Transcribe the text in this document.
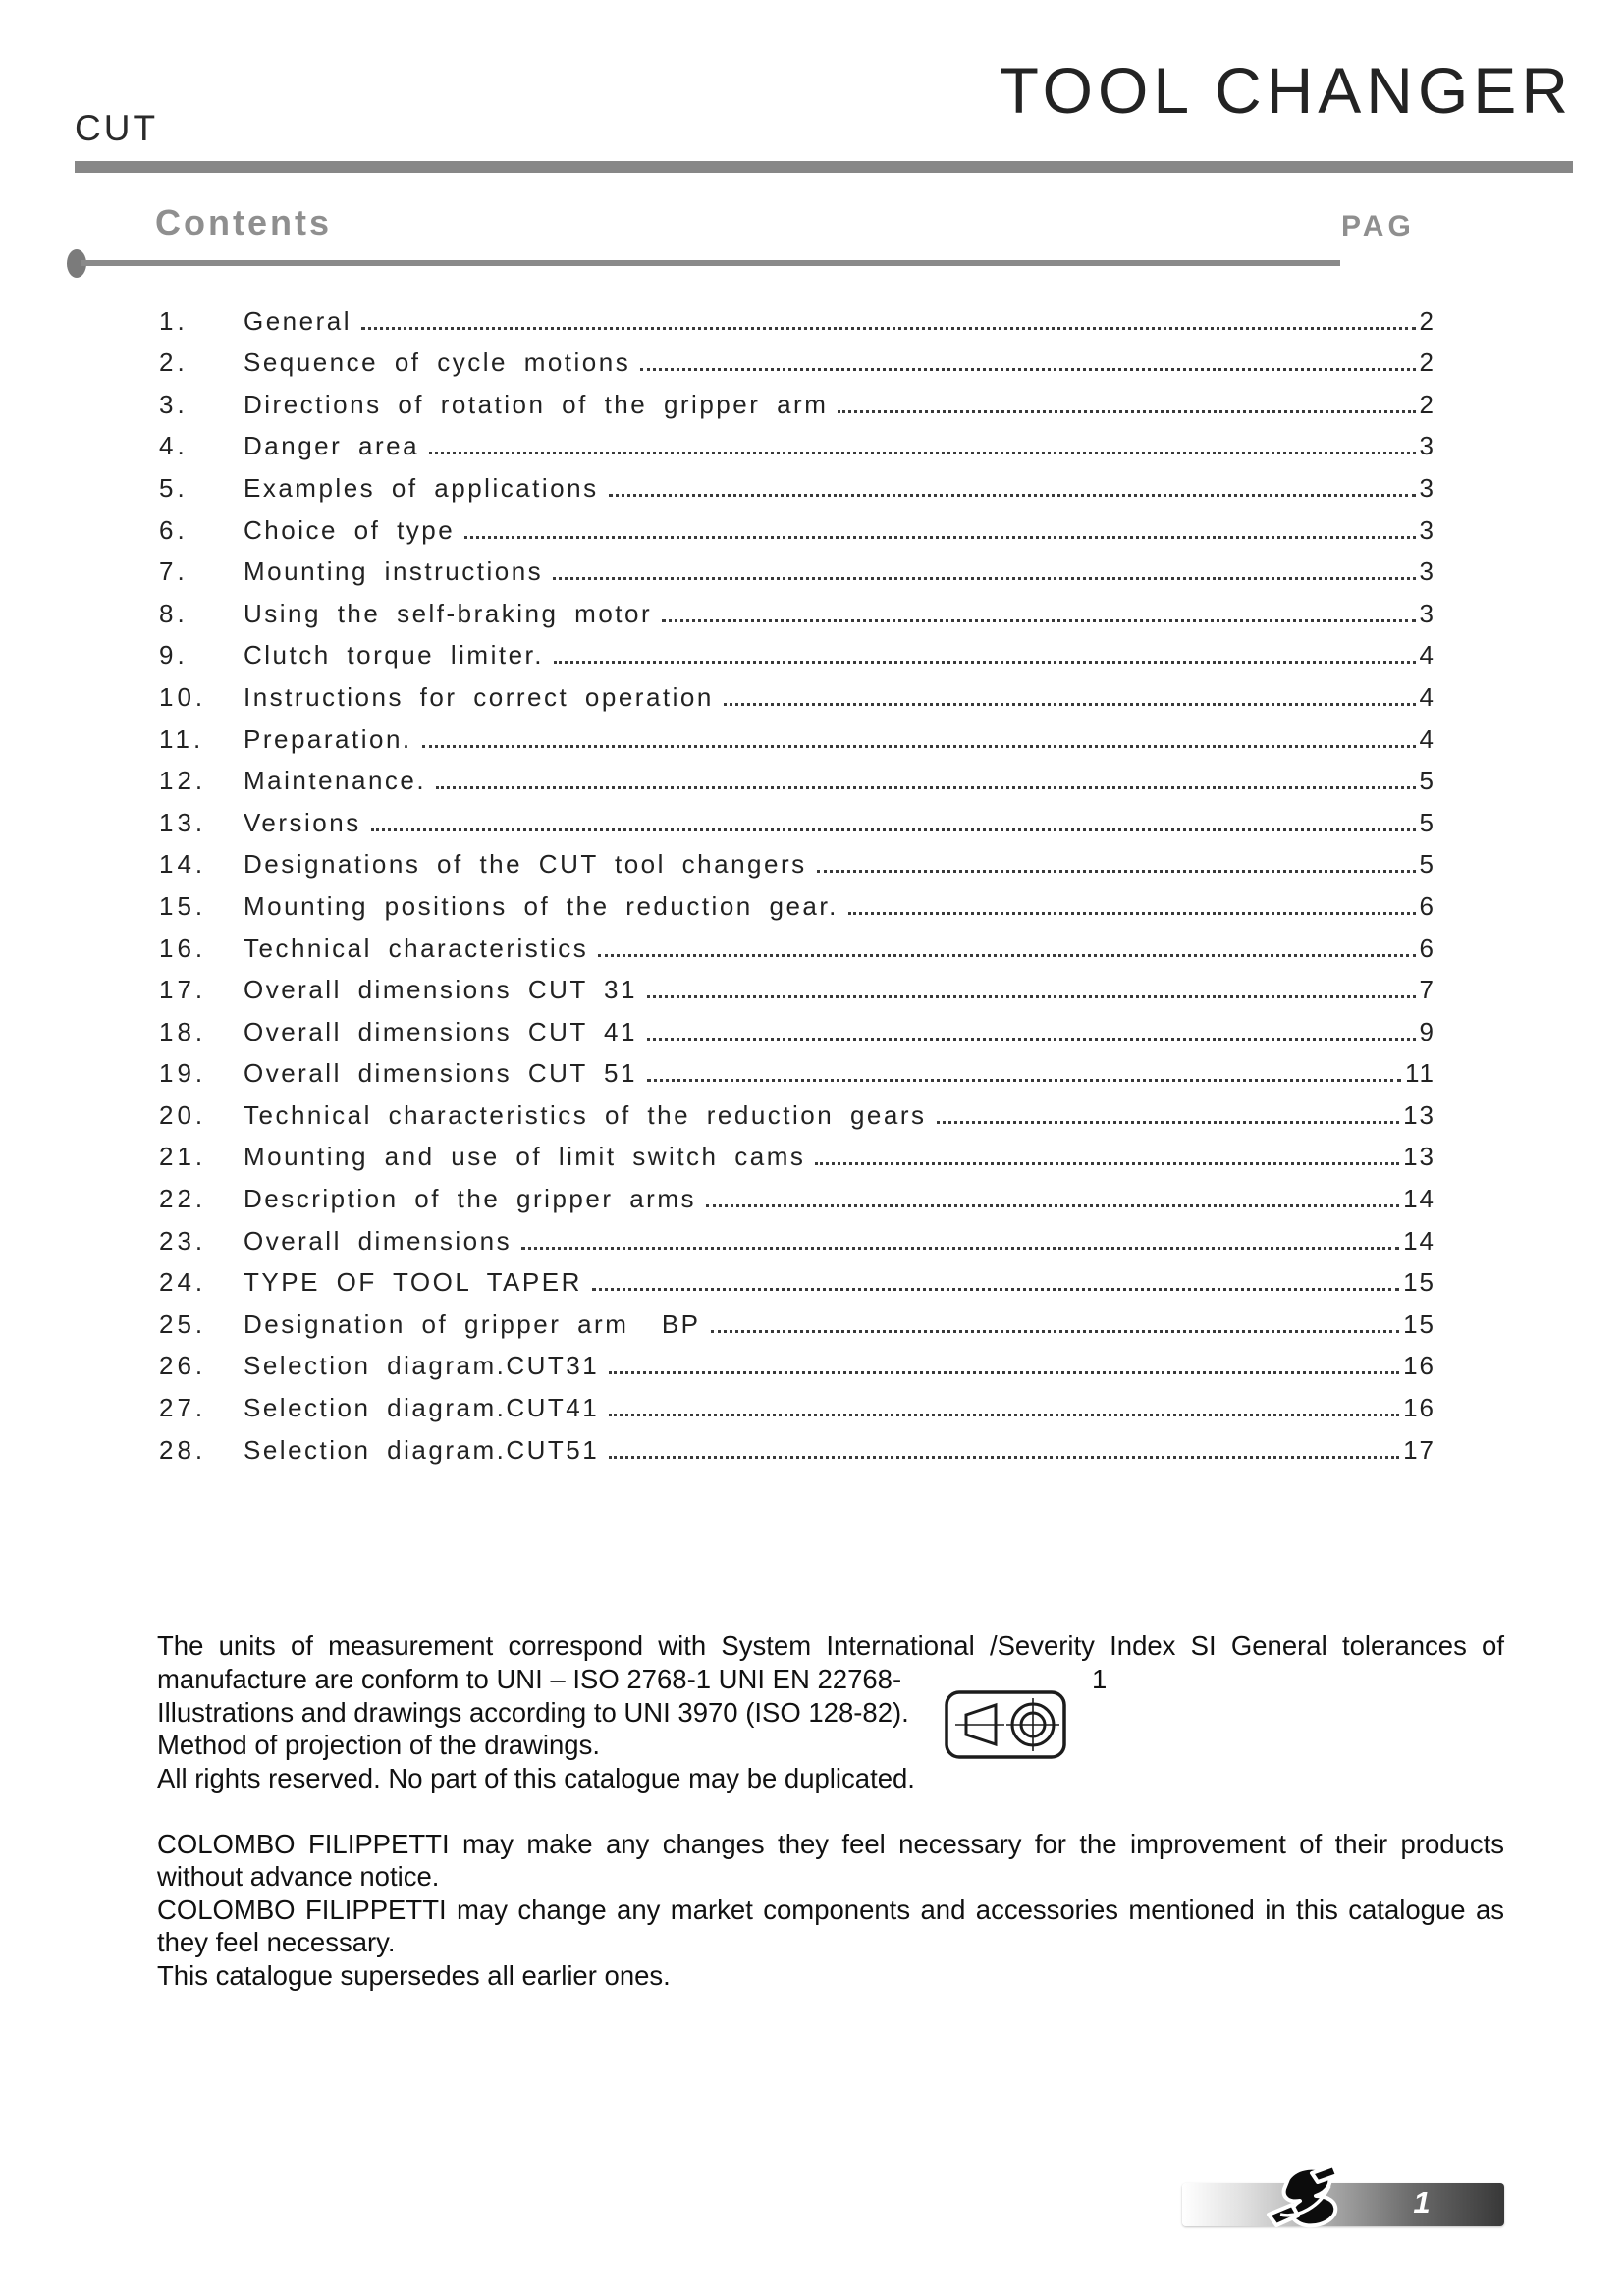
CUT
TOOL CHANGER
Contents	PAG
1.	General	2
2.	Sequence of cycle motions	2
3.	Directions of rotation of the gripper arm	2
4.	Danger area	3
5.	Examples of applications	3
6.	Choice of type	3
7.	Mounting instructions	3
8.	Using the self-braking motor	3
9.	Clutch torque limiter.	4
10.	Instructions for correct operation	4
11.	Preparation.	4
12.	Maintenance.	5
13.	Versions	5
14.	Designations of the CUT tool changers	5
15.	Mounting positions of the reduction gear.	6
16.	Technical characteristics	6
17.	Overall dimensions CUT 31	7
18.	Overall dimensions CUT 41	9
19.	Overall dimensions CUT 51	11
20.	Technical characteristics of the reduction gears	13
21.	Mounting and use of limit switch cams	13
22.	Description of the gripper arms	14
23.	Overall dimensions	14
24.	TYPE OF TOOL TAPER	15
25.	Designation of gripper arm  BP	15
26.	Selection diagram.CUT31	16
27.	Selection diagram.CUT41	16
28.	Selection diagram.CUT51	17
The units of measurement correspond with System International /Severity Index SI General tolerances of
manufacture are conform to UNI – ISO 2768-1 UNI EN 22768-	1
Illustrations and drawings according to UNI 3970 (ISO 128-82).
Method of projection of the drawings.
All rights reserved. No part of this catalogue may be duplicated.
COLOMBO FILIPPETTI may make any changes they feel necessary for the improvement of their products
without advance notice.
COLOMBO FILIPPETTI may change any market components and accessories mentioned in this catalogue as
they feel necessary.
This catalogue supersedes all earlier ones.
1
